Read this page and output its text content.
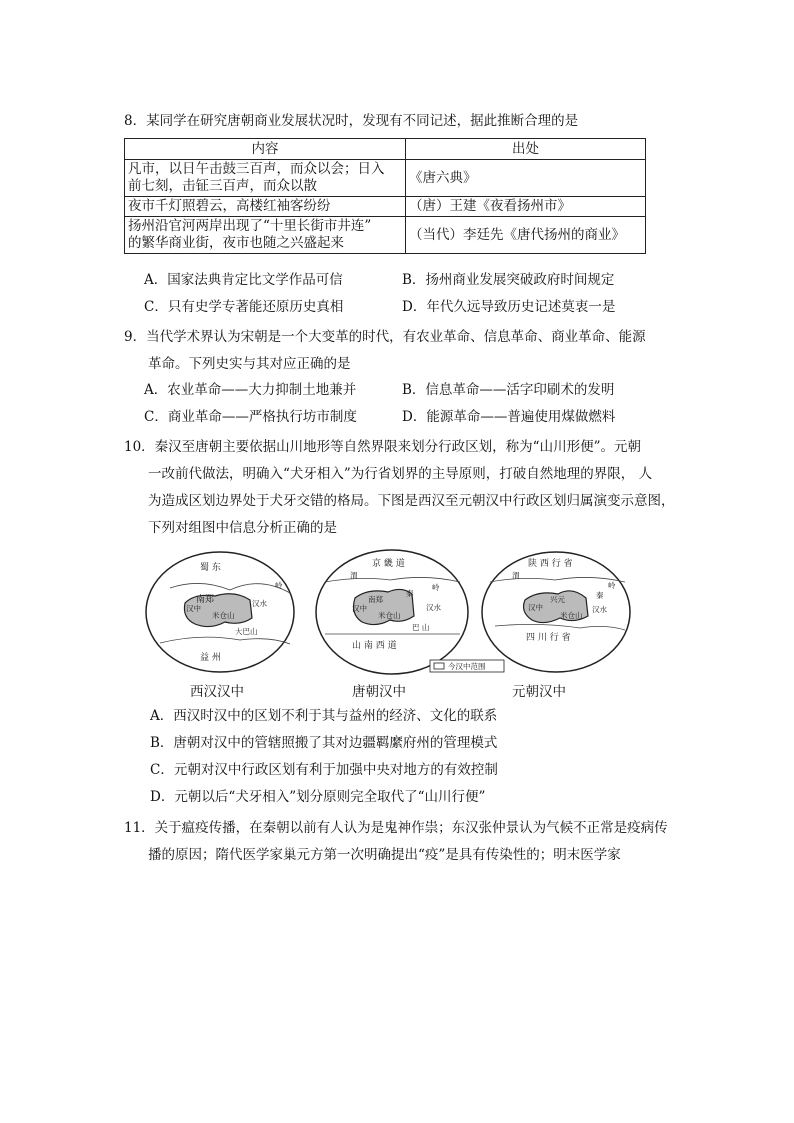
8．某同学在研究唐朝商业发展状况时，发现有不同记述，据此推断合理的是
内容	出处

凡市，以日午击鼓三百声，而众以会；日入
前七刻，击钲三百声，而众以散	《唐六典》
夜市千灯照碧云，高楼红袖客纷纷	（唐）王建《夜看扬州市》

扬州沿官河两岸出现了“十里长街市井连”
的繁华商业街，夜市也随之兴盛起来	（当代）李廷先《唐代扬州的商业》
A．国家法典肯定比文学作品可信	B．扬州商业发展突破政府时间规定
C．只有史学专著能还原历史真相	D．年代久远导致历史记述莫衷一是
9．当代学术界认为宋朝是一个大变革的时代，有农业革命、信息革命、商业革命、能源
革命。下列史实与其对应正确的是
A．农业革命——大力抑制土地兼并	B．信息革命——活字印刷术的发明
C．商业革命——严格执行坊市制度	D．能源革命——普遍使用煤做燃料
10．秦汉至唐朝主要依据山川地形等自然界限来划分行政区划，称为“山川形便”。元朝
一改前代做法，明确入“犬牙相入”为行省划界的主导原则，打破自然地理的界限， 人
为造成区划边界处于犬牙交错的格局。下图是西汉至元朝汉中行政区划归属演变示意图，
下列对组图中信息分析正确的是
蜀 东
南郑
汉中
米仓山
大巴山
益 州
汉水
岭
京 畿 道
渭
南郑
汉中
米仓山
巴 山
山 南 西 道
秦
岭
汉水
陕 西 行 省
渭
兴元
汉中
米仓山
四 川 行 省
秦
岭
汉水
今汉中范围
西汉汉中	唐朝汉中	元朝汉中
A．西汉时汉中的区划不利于其与益州的经济、文化的联系
B．唐朝对汉中的管辖照搬了其对边疆羁縻府州的管理模式
C．元朝对汉中行政区划有利于加强中央对地方的有效控制
D．元朝以后“犬牙相入”划分原则完全取代了“山川行便”
11．关于瘟疫传播，在秦朝以前有人认为是鬼神作祟；东汉张仲景认为气候不正常是疫病传
播的原因；隋代医学家巢元方第一次明确提出“疫”是具有传染性的；明末医学家
